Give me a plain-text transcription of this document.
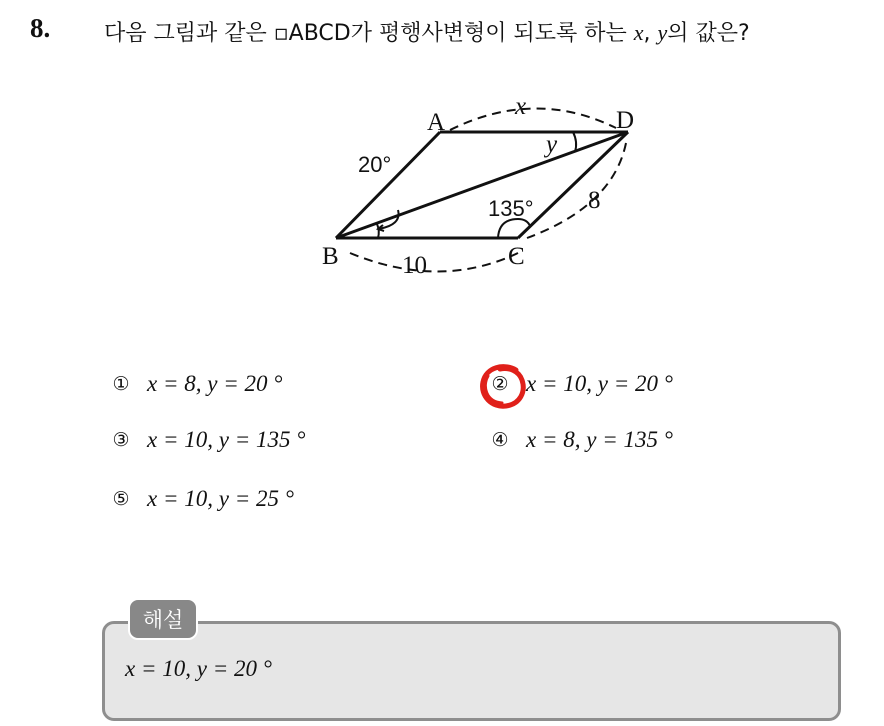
8. 다음 그림과 같은 ▫ABCD가 평행사변형이 되도록 하는 x, y의 값은?
A
B	C
D
x
10
8
20°
135°
y
① x = 8, y = 20 °	② x = 10, y = 20 °
③ x = 10, y = 135 °	④ x = 8, y = 135 °
⑤ x = 10, y = 25 °
해설
x = 10, y = 20 °
